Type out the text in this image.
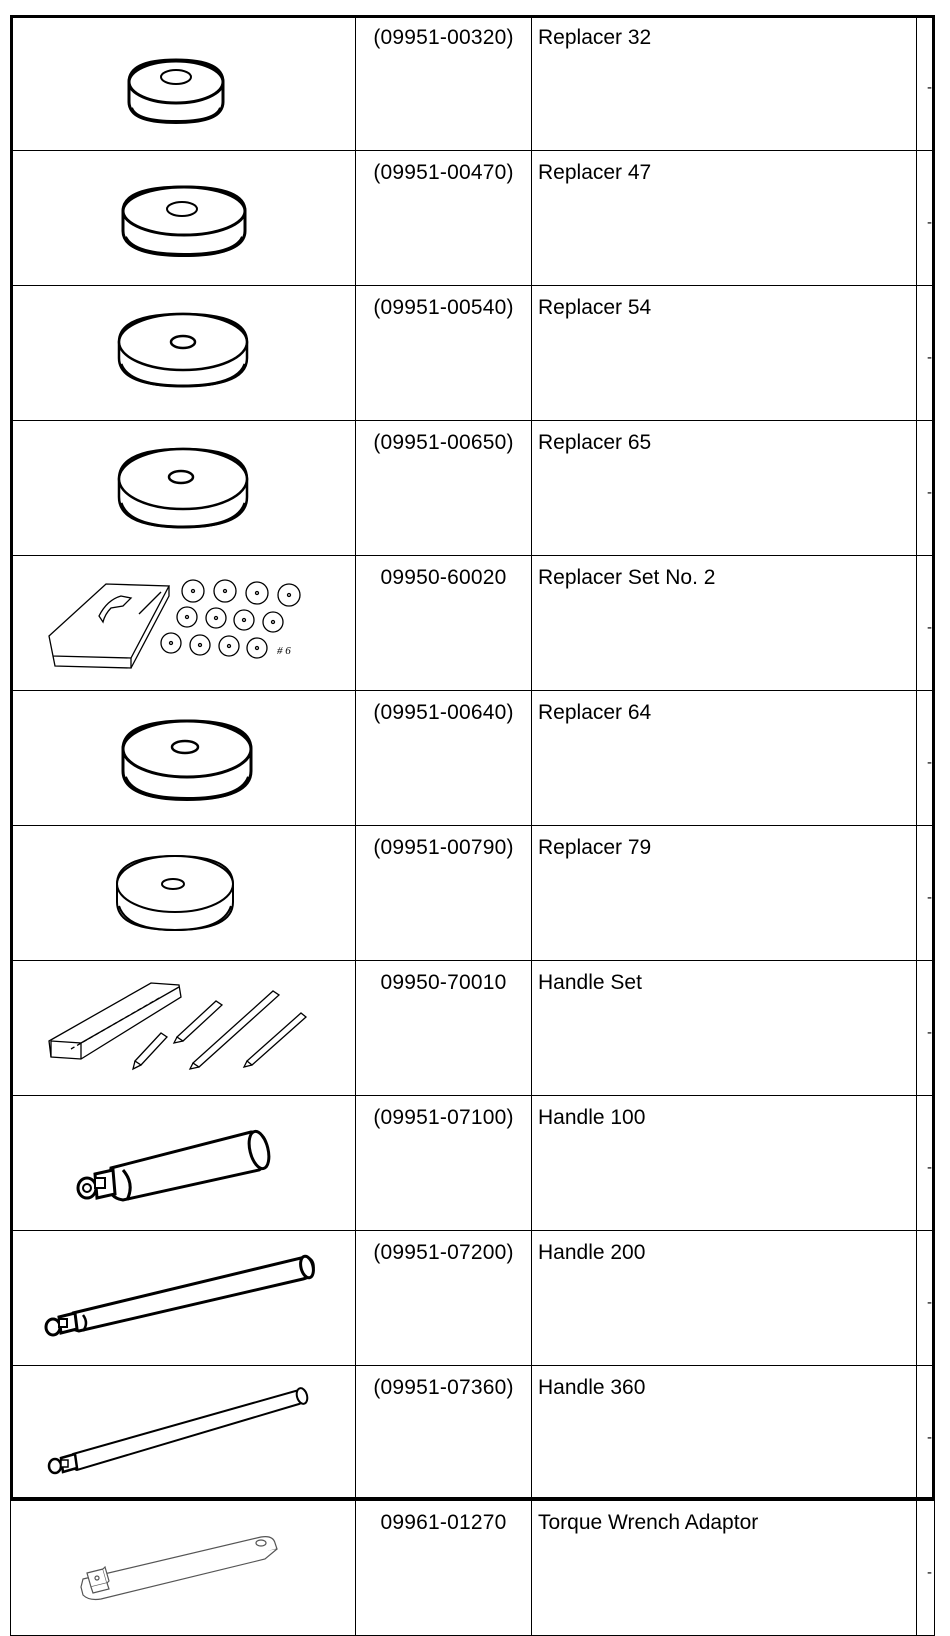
	(09951-00320)	Replacer 32	-

	(09951-00470)	Replacer 47	-

	(09951-00540)	Replacer 54	-

	(09951-00650)	Replacer 65	-

# 6	09950-60020	Replacer Set No. 2	-

	(09951-00640)	Replacer 64	-

	(09951-00790)	Replacer 79	-

	09950-70010	Handle Set	-

	(09951-07100)	Handle 100	-

	(09951-07200)	Handle 200	-

	(09951-07360)	Handle 360	-

	09961-01270	Torque Wrench Adaptor	-
